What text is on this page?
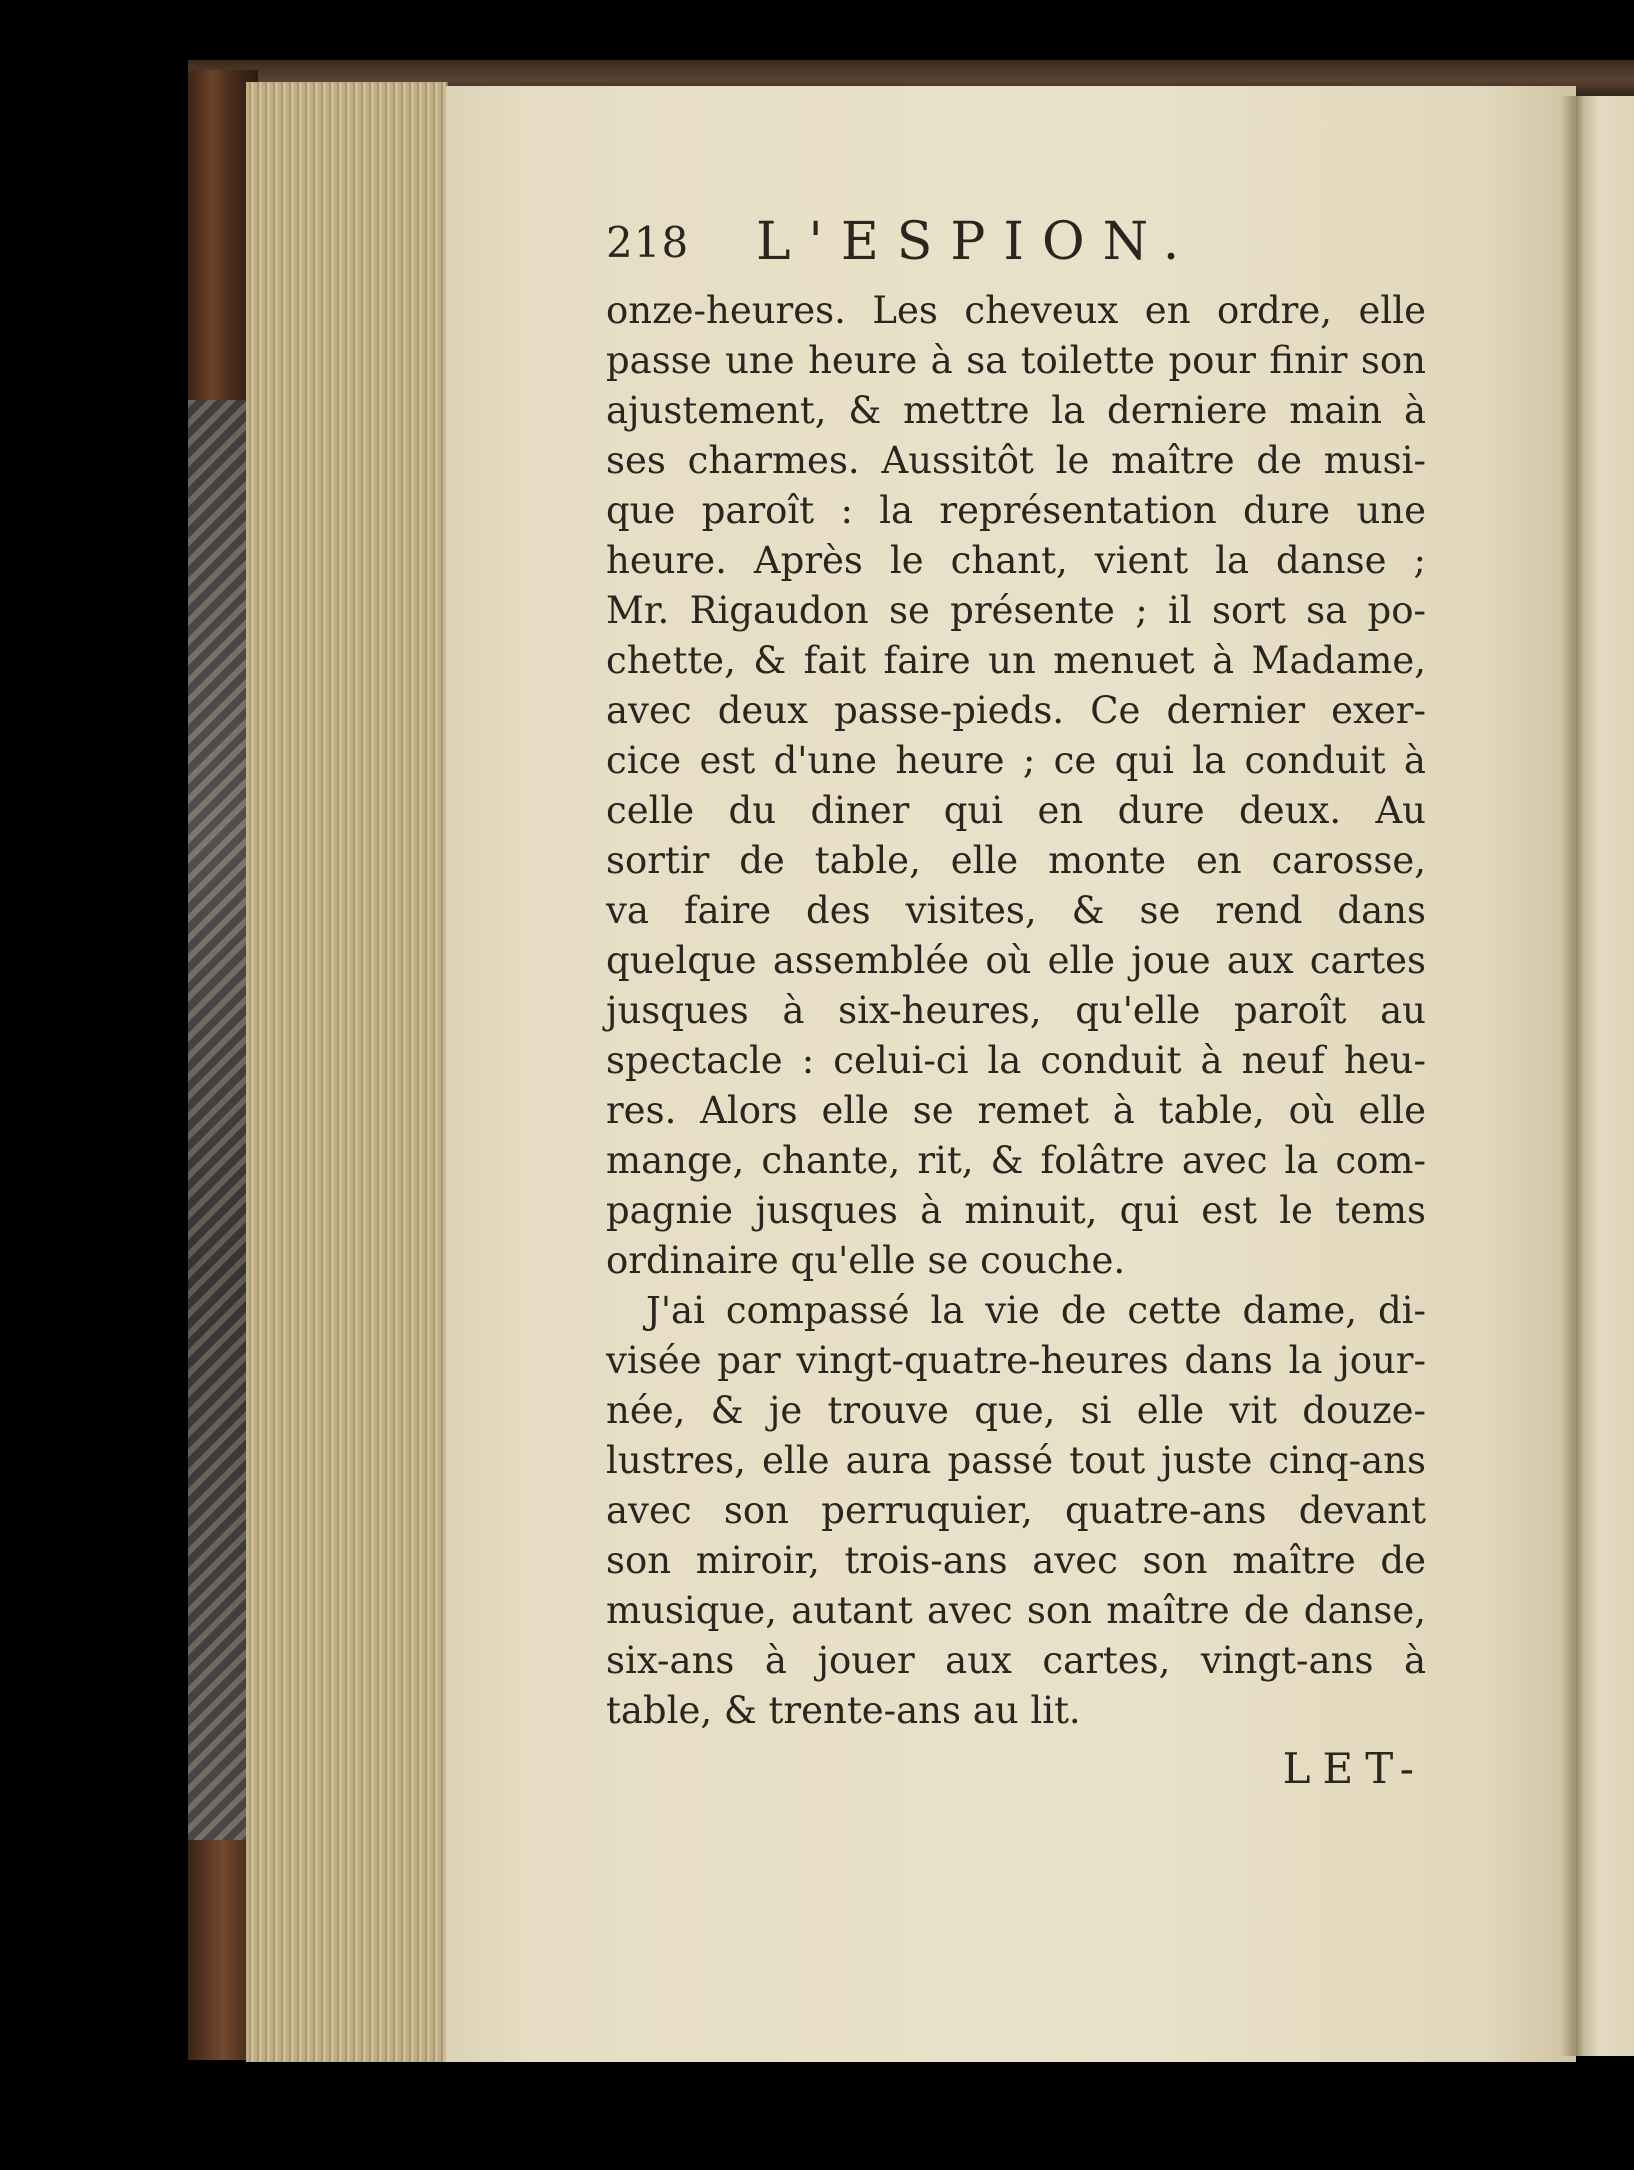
218 L'ESPION.
onze-heures. Les cheveux en ordre, elle
passe une heure à sa toilette pour finir son
ajustement, & mettre la derniere main à
ses charmes. Aussitôt le maître de musi-
que paroît : la représentation dure une
heure. Après le chant, vient la danse ;
Mr. Rigaudon se présente ; il sort sa po-
chette, & fait faire un menuet à Madame,
avec deux passe-pieds. Ce dernier exer-
cice est d'une heure ; ce qui la conduit à
celle du diner qui en dure deux. Au
sortir de table, elle monte en carosse,
va faire des visites, & se rend dans
quelque assemblée où elle joue aux cartes
jusques à six-heures, qu'elle paroît au
spectacle : celui-ci la conduit à neuf heu-
res. Alors elle se remet à table, où elle
mange, chante, rit, & folâtre avec la com-
pagnie jusques à minuit, qui est le tems
ordinaire qu'elle se couche.
J'ai compassé la vie de cette dame, di-
visée par vingt-quatre-heures dans la jour-
née, & je trouve que, si elle vit douze-
lustres, elle aura passé tout juste cinq-ans
avec son perruquier, quatre-ans devant
son miroir, trois-ans avec son maître de
musique, autant avec son maître de danse,
six-ans à jouer aux cartes, vingt-ans à
table, & trente-ans au lit.
LET-
